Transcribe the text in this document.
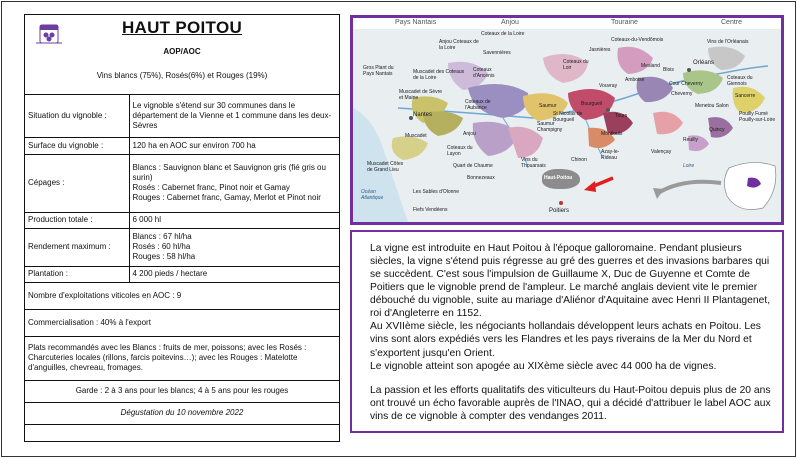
HAUT POITOU
AOP/AOC
Vins blancs (75%), Rosés(6%) et Rouges (19%)
Situation du vignoble :	Le vignoble s'étend sur 30 communes dans le département de la Vienne et 1 commune dans les deux-Sèvres
Surface du vignoble :	120 ha en AOC sur environ 700 ha
Cépages :	Blancs : Sauvignon blanc et Sauvignon gris (fié gris ou surin)
Rosés : Cabernet franc, Pinot noir et Gamay
Rouges : Cabernet franc, Gamay, Merlot et Pinot noir

Production totale :	6 000 hl
Rendement maximum :	Blancs : 67 hl/ha
Rosés : 60 hl/ha
Rouges : 58 hl/ha

Plantation :	4 200 pieds / hectare
Nombre d'exploitations viticoles en AOC : 9	
Commercialisation : 40% à l'export	
Plats recommandés avec les Blancs : fruits de mer, poissons; avec les Rosés : Charcuteries locales (rillons, farcis poitevins…); avec les Rouges : Matelotte d'anguilles, chevreau, fromages.	
Garde : 2 à 3 ans pour les blancs; 4 à 5 ans pour les rouges	
Dégustation du 10 novembre 2022	
Pays Nantais	Anjou	Touraine	Centre
Coteaux de la Loire
Savennières
Anjou Coteaux de la Loire
Gros Plant du Pays Nantais	Muscadet des Coteaux de la Loire
Coteaux d'Ancenis
Muscadet de Sèvre et Maine
Nantes
Muscadet Côtes de Grand Lieu
Muscadet
Coteaux de l'Aubance
Anjou
Coteaux du Layon
Quart de Chaume
Bonnezeaux
Vins du Thouarsais
Saumur
Saumur Champigny
Montlouis
Chinon
Azay-le-Rideau
Vouvray
Amboise
Mesland
Jasnières
Coteaux-du-Vendômois
Coteaux du Loir
Bourgueil
St Nicolas de Bourgueil
Valençay
Cour Cheverny
Cheverny
Orléans
Vins de l'Orléanais
Coteaux du Giennois
Sancerre
Menetou Salon
Pouilly Fumé Pouilly-sur-Loire
Quincy
Reuilly
Les Sables d'Olonne
Fiefs Vendéens
Océan Atlantique
Poitiers
Tours
Blois
Loire
Haut-Poitou

La vigne est introduite en Haut Poitou à l'époque galloromaine. Pendant plusieurs siècles, la vigne s'étend puis régresse au gré des guerres et des invasions barbares qui se succèdent. C'est sous l'impulsion de Guillaume X, Duc de Guyenne et Comte de Poitiers que le vignoble prend de l'ampleur. Le marché anglais devient vite le premier débouché du vignoble, suite au mariage d'Aliénor d'Aquitaine avec Henri II Plantagenet, roi d'Angleterre en 1152.

Au XVIIème siècle, les négociants hollandais développent leurs achats en Poitou. Les vins sont alors expédiés vers les Flandres et les pays riverains de la Mer du Nord et s'exportent jusqu'en Orient.

Le vignoble atteint son apogée au XIXème siècle avec 44 000 ha de vignes.

La passion et les efforts qualitatifs des viticulteurs du Haut-Poitou depuis plus de 20 ans ont trouvé un écho favorable auprès de l'INAO, qui a décidé d'attribuer le label AOC aux vins de ce vignoble à compter des vendanges 2011.
